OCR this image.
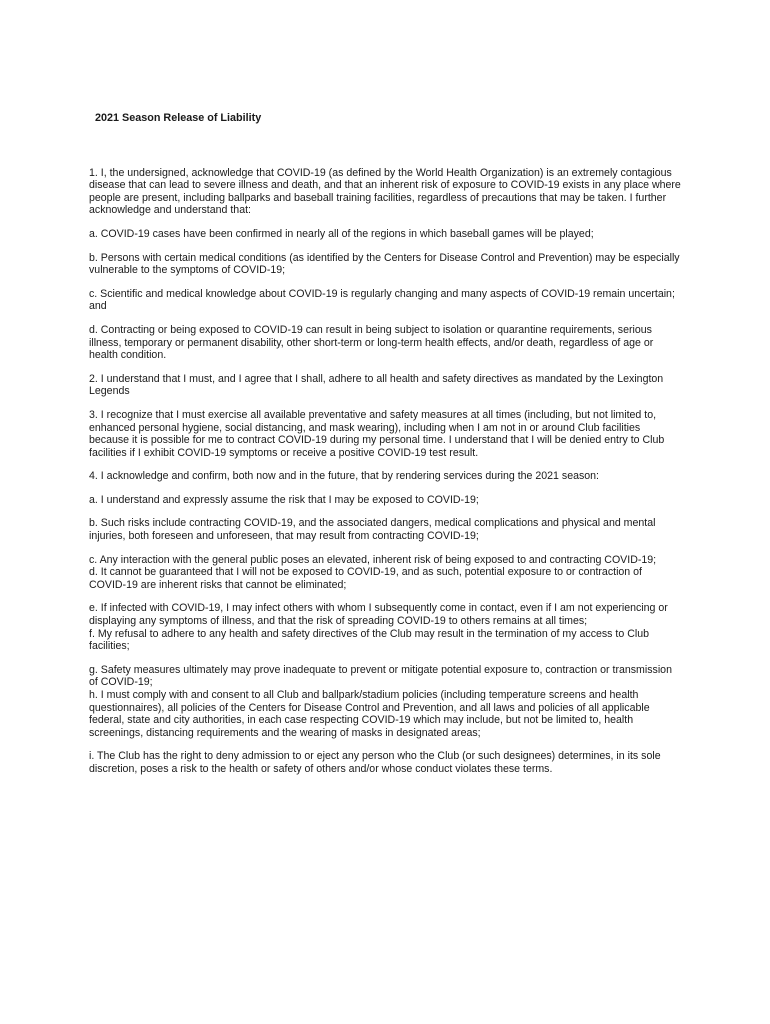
2021 Season Release of Liability

1. I, the undersigned, acknowledge that COVID-19 (as defined by the World Health Organization) is an extremely contagious disease that can lead to severe illness and death, and that an inherent risk of exposure to COVID-19 exists in any place where people are present, including ballparks and baseball training facilities, regardless of precautions that may be taken. I further acknowledge and understand that:

a. COVID-19 cases have been confirmed in nearly all of the regions in which baseball games will be played;

b. Persons with certain medical conditions (as identified by the Centers for Disease Control and Prevention) may be especially vulnerable to the symptoms of COVID-19;

c. Scientific and medical knowledge about COVID-19 is regularly changing and many aspects of COVID-19 remain uncertain; and

d. Contracting or being exposed to COVID-19 can result in being subject to isolation or quarantine requirements, serious illness, temporary or permanent disability, other short-term or long-term health effects, and/or death, regardless of age or health condition.

2. I understand that I must, and I agree that I shall, adhere to all health and safety directives as mandated by the Lexington Legends

3. I recognize that I must exercise all available preventative and safety measures at all times (including, but not limited to, enhanced personal hygiene, social distancing, and mask wearing), including when I am not in or around Club facilities because it is possible for me to contract COVID-19 during my personal time. I understand that I will be denied entry to Club facilities if I exhibit COVID-19 symptoms or receive a positive COVID-19 test result.

4. I acknowledge and confirm, both now and in the future, that by rendering services during the 2021 season:

a. I understand and expressly assume the risk that I may be exposed to COVID-19;

b. Such risks include contracting COVID-19, and the associated dangers, medical complications and physical and mental injuries, both foreseen and unforeseen, that may result from contracting COVID-19;

c. Any interaction with the general public poses an elevated, inherent risk of being exposed to and contracting COVID-19;

d. It cannot be guaranteed that I will not be exposed to COVID-19, and as such, potential exposure to or contraction of COVID-19 are inherent risks that cannot be eliminated;

e. If infected with COVID-19, I may infect others with whom I subsequently come in contact, even if I am not experiencing or displaying any symptoms of illness, and that the risk of spreading COVID-19 to others remains at all times;

f. My refusal to adhere to any health and safety directives of the Club may result in the termination of my access to Club facilities;

g. Safety measures ultimately may prove inadequate to prevent or mitigate potential exposure to, contraction or transmission of COVID-19;

h. I must comply with and consent to all Club and ballpark/stadium policies (including temperature screens and health questionnaires), all policies of the Centers for Disease Control and Prevention, and all laws and policies of all applicable federal, state and city authorities, in each case respecting COVID-19 which may include, but not be limited to, health screenings, distancing requirements and the wearing of masks in designated areas;

i. The Club has the right to deny admission to or eject any person who the Club (or such designees) determines, in its sole discretion, poses a risk to the health or safety of others and/or whose conduct violates these terms.
